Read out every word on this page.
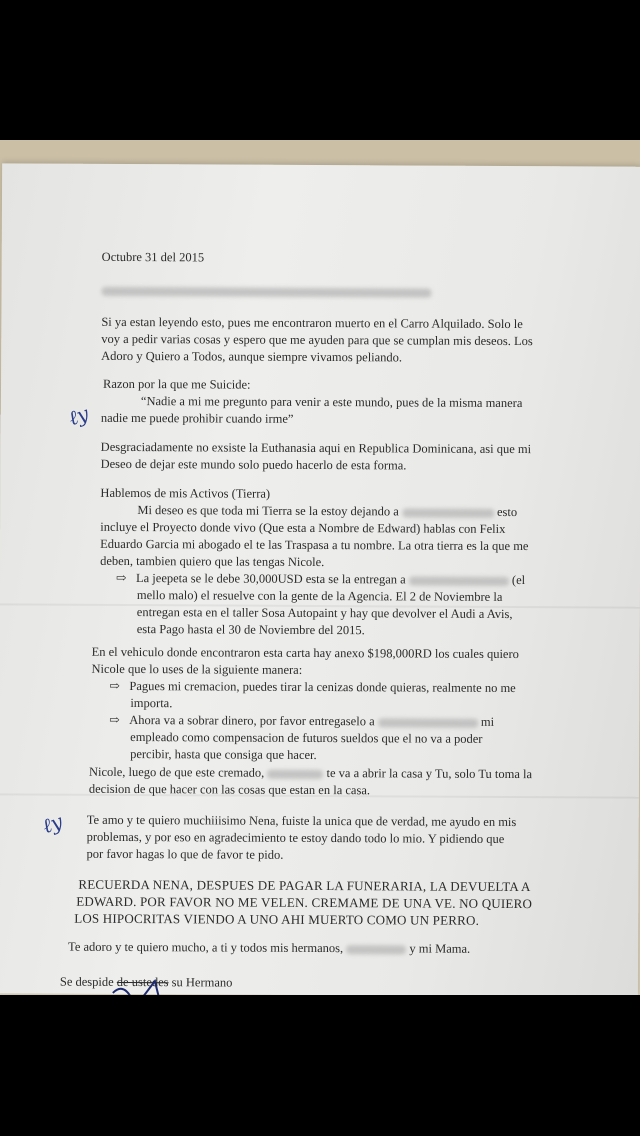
Octubre 31 del 2015
Si ya estan leyendo esto, pues me encontraron muerto en el Carro Alquilado. Solo le
voy a pedir varias cosas y espero que me ayuden para que se cumplan mis deseos. Los
Adoro y Quiero a Todos, aunque siempre vivamos peliando.
Razon por la que me Suicide:
“Nadie a mi me pregunto para venir a este mundo, pues de la misma manera
nadie me puede prohibir cuando irme”
Desgraciadamente no exsiste la Euthanasia aqui en Republica Dominicana, asi que mi
Deseo de dejar este mundo solo puedo hacerlo de esta forma.
Hablemos de mis Activos (Tierra)
Mi deseo es que toda mi Tierra se la estoy dejando a	esto
incluye el Proyecto donde vivo (Que esta a Nombre de Edward) hablas con Felix
Eduardo Garcia mi abogado el te las Traspasa a tu nombre. La otra tierra es la que me
deben, tambien quiero que las tengas Nicole.
⇨ La jeepeta se le debe 30,000USD esta se la entregan a	(el
mello malo) el resuelve con la gente de la Agencia. El 2 de Noviembre la
entregan esta en el taller Sosa Autopaint y hay que devolver el Audi a Avis,
esta Pago hasta el 30 de Noviembre del 2015.
En el vehiculo donde encontraron esta carta hay anexo $198,000RD los cuales quiero
Nicole que lo uses de la siguiente manera:
⇨ Pagues mi cremacion, puedes tirar la cenizas donde quieras, realmente no me
importa.
⇨ Ahora va a sobrar dinero, por favor entregaselo a	mi
empleado como compensacion de futuros sueldos que el no va a poder
percibir, hasta que consiga que hacer.
Nicole, luego de que este cremado,	te va a abrir la casa y Tu, solo Tu toma la
decision de que hacer con las cosas que estan en la casa.
Te amo y te quiero muchiiisimo Nena, fuiste la unica que de verdad, me ayudo en mis
problemas, y por eso en agradecimiento te estoy dando todo lo mio. Y pidiendo que
por favor hagas lo que de favor te pido.
RECUERDA NENA, DESPUES DE PAGAR LA FUNERARIA, LA DEVUELTA A
EDWARD. POR FAVOR NO ME VELEN. CREMAME DE UNA VE. NO QUIERO
LOS HIPOCRITAS VIENDO A UNO AHI MUERTO COMO UN PERRO.
Te adoro y te quiero mucho, a ti y todos mis hermanos,	y mi Mama.
Se despide de ustedes su Hermano
ℓy
ℓy
